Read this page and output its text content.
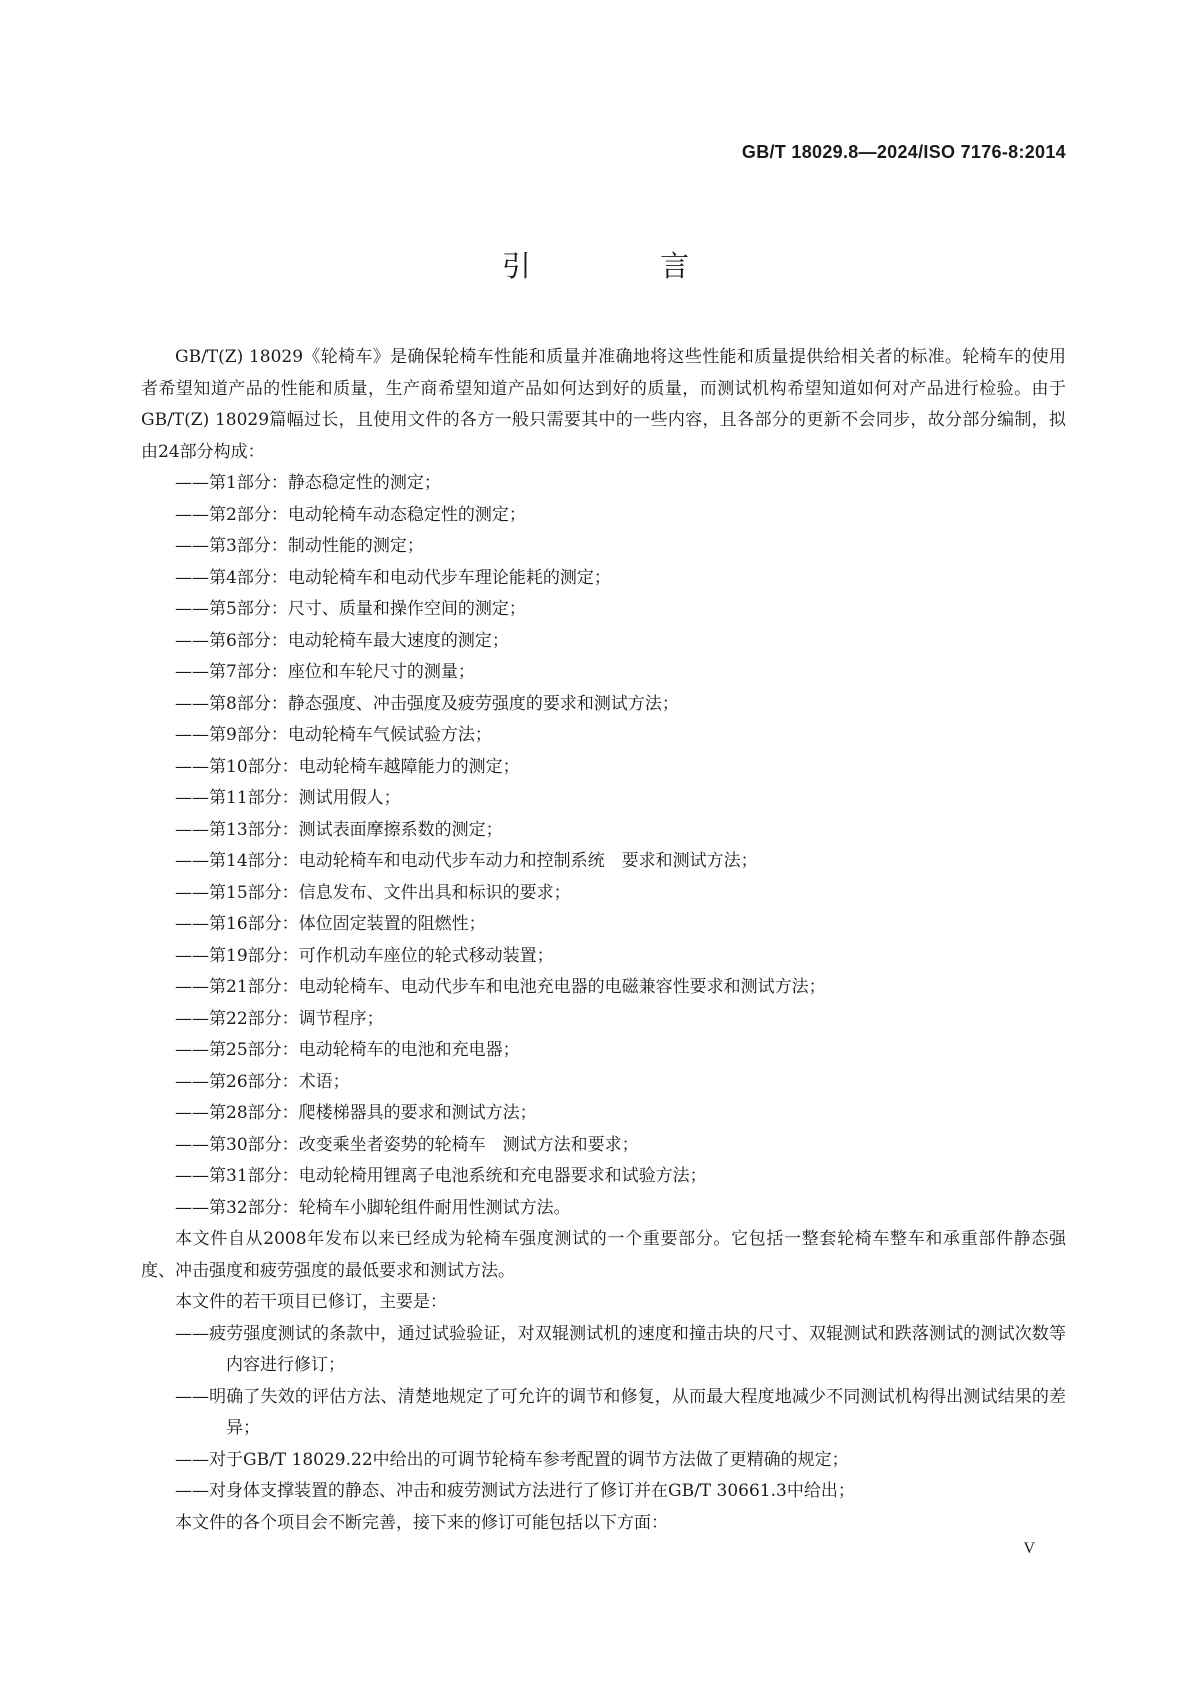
GB/T 18029.8—2024/ISO 7176-8:2014
引 言
GB/T(Z) 18029《轮椅车》是确保轮椅车性能和质量并准确地将这些性能和质量提供给相关者的标准。轮椅车的使用者希望知道产品的性能和质量，生产商希望知道产品如何达到好的质量，而测试机构希望知道如何对产品进行检验。由于GB/T(Z) 18029篇幅过长，且使用文件的各方一般只需要其中的一些内容，且各部分的更新不会同步，故分部分编制，拟由24部分构成：
——第1部分：静态稳定性的测定；
——第2部分：电动轮椅车动态稳定性的测定；
——第3部分：制动性能的测定；
——第4部分：电动轮椅车和电动代步车理论能耗的测定；
——第5部分：尺寸、质量和操作空间的测定；
——第6部分：电动轮椅车最大速度的测定；
——第7部分：座位和车轮尺寸的测量；
——第8部分：静态强度、冲击强度及疲劳强度的要求和测试方法；
——第9部分：电动轮椅车气候试验方法；
——第10部分：电动轮椅车越障能力的测定；
——第11部分：测试用假人；
——第13部分：测试表面摩擦系数的测定；
——第14部分：电动轮椅车和电动代步车动力和控制系统　要求和测试方法；
——第15部分：信息发布、文件出具和标识的要求；
——第16部分：体位固定装置的阻燃性；
——第19部分：可作机动车座位的轮式移动装置；
——第21部分：电动轮椅车、电动代步车和电池充电器的电磁兼容性要求和测试方法；
——第22部分：调节程序；
——第25部分：电动轮椅车的电池和充电器；
——第26部分：术语；
——第28部分：爬楼梯器具的要求和测试方法；
——第30部分：改变乘坐者姿势的轮椅车　测试方法和要求；
——第31部分：电动轮椅用锂离子电池系统和充电器要求和试验方法；
——第32部分：轮椅车小脚轮组件耐用性测试方法。
本文件自从2008年发布以来已经成为轮椅车强度测试的一个重要部分。它包括一整套轮椅车整车和承重部件静态强度、冲击强度和疲劳强度的最低要求和测试方法。
本文件的若干项目已修订，主要是：
——疲劳强度测试的条款中，通过试验验证，对双辊测试机的速度和撞击块的尺寸、双辊测试和跌落测试的测试次数等内容进行修订；
——明确了失效的评估方法、清楚地规定了可允许的调节和修复，从而最大程度地减少不同测试机构得出测试结果的差异；
——对于GB/T 18029.22中给出的可调节轮椅车参考配置的调节方法做了更精确的规定；
——对身体支撑装置的静态、冲击和疲劳测试方法进行了修订并在GB/T 30661.3中给出；
本文件的各个项目会不断完善，接下来的修订可能包括以下方面：
V
